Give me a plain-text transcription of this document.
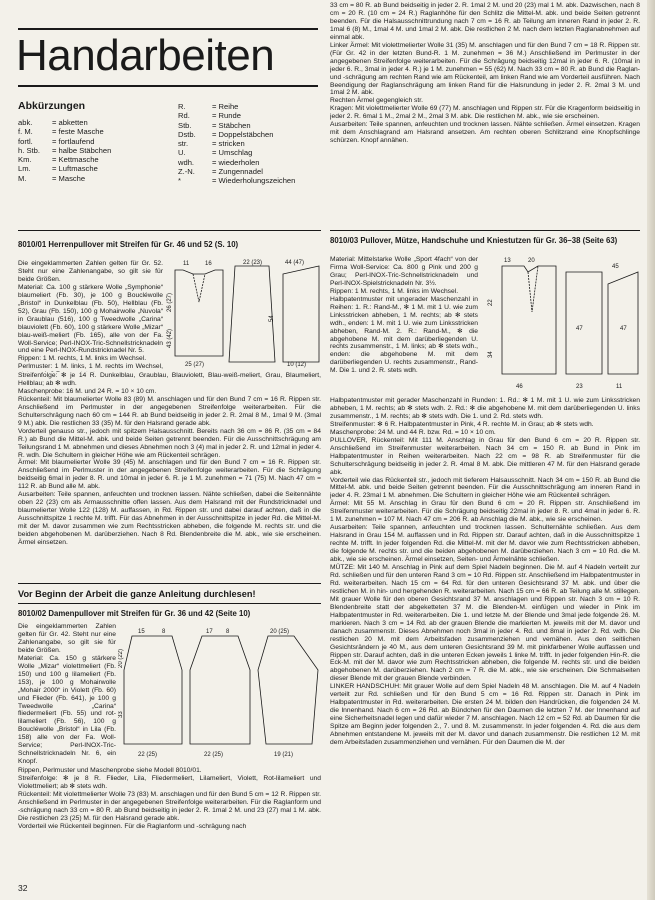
Handarbeiten
Abkürzungen
abk.	= abketten
f. M.	= feste Masche
fortl.	= fortlaufend
h. Stb.	= halbe Stäbchen
Km.	= Kettmasche
Lm.	= Luftmasche
M.	= Masche
R.	= Reihe
Rd.	= Runde
Stb.	= Stäbchen
Dstb.	= Doppelstäbchen
str.	= stricken
U.	= Umschlag
wdh.	= wiederholen
Z.-N.	= Zungennadel
*	= Wiederholungszeichen

33 cm = 80 R. ab Bund beidseitig in jeder 2. R. 1mal 2 M. und 20 (23) mal 1 M. abk. Dazwischen, nach 8 cm = 20 R. (10 cm = 24 R.) Raglanhöhe für den Schlitz die Mittel-M. abk. und beide Seiten getrennt beenden. Für die Halsausschnittrundung nach 7 cm = 16 R. ab Teilung am inneren Rand in jeder 2. R. 1mal 6 (8) M., 1mal 4 M. und 1mal 2 M. abk. Die restlichen 2 M. nach dem letzten Raglanabnehmen auf einmal abk.

Linker Ärmel: Mit violettmelierter Wolle 31 (35) M. anschlagen und für den Bund 7 cm = 18 R. Rippen str. (Für Gr. 42 in der letzten Bund-R. 1 M. zunehmen = 36 M.) Anschließend im Perlmuster in der angegebenen Streifenfolge weiterarbeiten. Für die Schrägung beidseitig 12mal in jeder 6. R. (10mal in jeder 6. R., 3mal in jeder 4. R.) je 1 M. zunehmen = 55 (62) M. Nach 33 cm = 80 R. ab Bund die Raglan- und -schrägung am rechten Rand wie am Rückenteil, am linken Rand wie am Vorderteil ausführen. Nach Beendigung der Raglanschrägung am linken Rand für die Halsrundung in jeder 2. R. 2mal 3 M. und 1mal 2 M. abk.

Rechten Ärmel gegengleich str.

Kragen: Mit violettmelierter Wolle 69 (77) M. anschlagen und Rippen str. Für die Kragenform beidseitig in jeder 2. R. 6mal 1 M., 2mal 2 M., 2mal 3 M. abk. Die restlichen M. abk., wie sie erscheinen.

Ausarbeiten: Teile spannen, anfeuchten und trocknen lassen. Nähte schließen. Ärmel einsetzen. Kragen mit dem Anschlagrand am Halsrand ansetzen. Am rechten oberen Schlitzrand eine Knopfschlinge schürzen. Knopf annähen.

8010/01 Herrenpullover mit Streifen für Gr. 46 und 52 (S. 10)

Die eingeklammerten Zahlen gelten für Gr. 52. Steht nur eine Zahlenangabe, so gilt sie für beide Größen.

Material: Ca. 100 g stärkere Wolle „Symphonie“ blaumeliert (Fb. 30), je 100 g Boucléwolle „Bristol“ in Dunkelblau (Fb. 50), Hellblau (Fb. 52), Grau (Fb. 150), 100 g Mohairwolle „Nuvola“ in Graublau (516), 100 g Tweedwolle „Carina“ blauviolett (Fb. 60), 100 g stärkere Wolle „Mizar“ blau-weiß-meliert (Fb. 165), alle von der Fa. Woll-Service; Perl-INOX-Tric-Schnellstricknadeln und eine Perl-INOX-Rundstricknadel Nr. 5.

Rippen: 1 M. rechts, 1 M. links im Wechsel.

Perlmuster: 1 M. links, 1 M. rechts im Wechsel,

Streifenfolge: ✻ je 14 R. Dunkelblau, Graublau, Blauviolett, Blau-weiß-meliert, Grau, Blaumeliert, Hellblau; ab ✻ wdh.

Maschenprobe: 16 M. und 24 R. = 10 × 10 cm.

Rückenteil: Mit blaumelierter Wolle 83 (89) M. anschlagen und für den Bund 7 cm = 16 R. Rippen str. Anschließend im Perlmuster in der angegebenen Streifenfolge weiterarbeiten. Für die Schulterschrägung nach 60 cm = 144 R. ab Bund beidseitig in jeder 2. R. 2mal 8 M., 1mal 9 M. (3mal 9 M.) abk. Die restlichen 33 (35) M. für den Halsrand gerade abk.

Vorderteil genauso str., jedoch mit spitzem Halsausschnitt. Bereits nach 36 cm = 86 R. (35 cm = 84 R.) ab Bund die Mittel-M. abk. und beide Seiten getrennt beenden. Für die Ausschnittschrägung am Teilungsrand 1 M. abnehmen und dieses Abnehmen noch 3 (4) mal in jeder 2. R. und 12mal in jeder 4. R. wdh. Die Schultern in gleicher Höhe wie am Rückenteil schrägen.

Ärmel: Mit blaumelierter Wolle 39 (45) M. anschlagen und für den Bund 7 cm = 16 R. Rippen str. Anschließend im Perlmuster in der angegebenen Streifenfolge weiterarbeiten. Für die Schrägung beidseitig 6mal in jeder 8. R. und 10mal in jeder 6. R. je 1 M. zunehmen = 71 (75) M. Nach 47 cm = 112 R. ab Bund alle M. abk.

Ausarbeiten: Teile spannen, anfeuchten und trocknen lassen. Nähte schließen, dabei die Seitennähte oben 22 (23) cm als Armausschnitte offen lassen. Aus dem Halsrand mit der Rundstricknadel und blaumelierter Wolle 122 (128) M. auffassen, in Rd. Rippen str. und dabei darauf achten, daß in die Ausschnittspitze 1 rechte M. trifft. Für das Abnehmen in der Ausschnittspitze in jeder Rd. die Mittel-M. mit der M. davor zusammen wie zum Rechtsstricken abheben, die folgende M. rechts str. und die beiden abgehobenen M. darüberziehen. Nach 8 Rd. Blendenbreite die M. abk., wie sie erscheinen. Ärmel einsetzen.

11	16
26 (27)
43 (42)
25 (27)
22 (23)
54
44 (47)
10 (12)
Vor Beginn der Arbeit die ganze Anleitung durchlesen!
8010/02 Damenpullover mit Streifen für Gr. 36 und 42 (Seite 10)

Die eingeklammerten Zahlen gelten für Gr. 42. Steht nur eine Zahlenangabe, so gilt sie für beide Größen.

Material: Ca. 150 g stärkere Wolle „Mizar“ violettmeliert (Fb. 150) und 100 g lilameliert (Fb. 153), je 100 g Mohairwolle „Mohair 2000“ in Violett (Fb. 60) und Flieder (Fb. 641), je 100 g Tweedwolle „Carina“ fliedermeliert (Fb. 55) und rot-lilameliert (Fb. 56), 100 g Boucléwolle „Bristol“ in Lila (Fb. 158) alle von der Fa. Woll-Service; Perl-INOX-Tric-Schnellstricknadeln Nr. 6, ein Knopf.

Rippen, Perlmuster und Maschenprobe siehe Modell 8010/01.

Streifenfolge: ✻ je 8 R. Flieder, Lila, Fliedermeliert, Lilameliert, Violett, Rot-lilameliert und Violettmeliert; ab ✻ stets wdh.

Rückenteil: Mit violettmelierter Wolle 73 (83) M. anschlagen und für den Bund 5 cm = 12 R. Rippen str. Anschließend im Perlmuster in der angegebenen Streifenfolge weiterarbeiten. Für die Raglanform und -schrägung nach 33 cm = 80 R. ab Bund beidseitig in jeder 2. R. 1mal 2 M. und 23 (27) mal 1 M. abk. Die restlichen 23 (25) M. für den Halsrand gerade abk.

Vorderteil wie Rückenteil beginnen. Für die Raglanform und -schrägung nach

15	8
20 (22)
33
22 (25)
17 8
22 (25)
20 (25)
19 (21)
32
8010/03 Pullover, Mütze, Handschuhe und Kniestutzen für Gr. 36–38 (Seite 63)

Material: Mittelstarke Wolle „Sport 4fach“ von der Firma Woll-Service: Ca. 800 g Pink und 200 g Grau; Perl-INOX-Tric-Schnellstricknadeln und Perl-INOX-Spielstricknadeln Nr. 3½.

Rippen: 1 M. rechts, 1 M. links im Wechsel.

Halbpatentmuster mit ungerader Maschenzahl in Reihen: 1. R.: Rand-M., ✻ 1 M. mit 1 U. wie zum Linksstricken abheben, 1 M. rechts; ab ✻ stets wdh., enden: 1 M. mit 1 U. wie zum Linksstricken abheben, Rand-M. 2. R.: Rand-M., ✻ die abgehobene M. mit dem darüberliegenden U. rechts zusammenstr., 1 M. links; ab ✻ stets wdh., enden: die abgehobene M. mit dem darüberliegenden U. rechts zusammenstr., Rand-M. Die 1. und 2. R. stets wdh.

Halbpatentmuster mit gerader Maschenzahl in Runden: 1. Rd.: ✻ 1 M. mit 1 U. wie zum Linksstricken abheben, 1 M. rechts; ab ✻ stets wdh. 2. Rd.: ✻ die abgehobene M. mit dem darüberliegenden U. links zusammenstr., 1 M. rechts; ab ✻ stets wdh. Die 1. und 2. Rd. stets wdh.

Streifenmuster: ✻ 6 R. Halbpatentmuster in Pink, 4 R. rechte M. in Grau; ab ✻ stets wdh.

Maschenprobe: 24 M. und 44 R. bzw. Rd. = 10 × 10 cm.

PULLOVER, Rückenteil: Mit 111 M. Anschlag in Grau für den Bund 6 cm = 20 R. Rippen str. Anschließend im Streifenmuster weiterarbeiten. Nach 34 cm = 150 R. ab Bund in Pink im Halbpatentmuster in Reihen weiterarbeiten. Nach 22 cm = 98 R. ab Streifenmuster für die Schulterschrägung beidseitig in jeder 2. R. 4mal 8 M. abk. Die mittleren 47 M. für den Halsrand gerade abk.

Vorderteil wie das Rückenteil str., jedoch mit tieferem Halsausschnitt. Nach 34 cm = 150 R. ab Bund die Mittel-M. abk. und beide Seiten getrennt beenden. Für die Ausschnittschrägung am inneren Rand in jeder 4. R. 23mal 1 M. abnehmen. Die Schultern in gleicher Höhe wie am Rückenteil schrägen.

Ärmel: Mit 55 M. Anschlag in Grau für den Bund 6 cm = 20 R. Rippen str. Anschließend im Streifenmuster weiterarbeiten. Für die Schrägung beidseitig 22mal in jeder 8. R. und 4mal in jeder 6. R. 1 M. zunehmen = 107 M. Nach 47 cm = 206 R. ab Anschlag die M. abk., wie sie erscheinen.

Ausarbeiten: Teile spannen, anfeuchten und trocknen lassen. Schulternähte schließen. Aus dem Halsrand in Grau 154 M. auffassen und in Rd. Rippen str. Darauf achten, daß in die Ausschnittspitze 1 rechte M. trifft. In jeder folgenden Rd. die Mittel-M. mit der M. davor wie zum Rechtsstricken abheben, die folgende M. rechts str. und die beiden abgehobenen M. darüberziehen. Nach 3 cm = 10 Rd. die M. abk., wie sie erscheinen. Ärmel einsetzen, Seiten- und Ärmelnähte schließen.

MÜTZE: Mit 140 M. Anschlag in Pink auf dem Spiel Nadeln beginnen. Die M. auf 4 Nadeln verteilt zur Rd. schließen und für den unteren Rand 3 cm = 10 Rd. Rippen str. Anschließend im Halbpatentmuster in Rd. weiterarbeiten. Nach 15 cm = 64 Rd. für den unteren Gesichtsrand 37 M. abk. und über die restlichen M. in hin- und hergehenden R. weiterarbeiten. Nach 15 cm = 66 R. ab Teilung alle M. stillegen. Mit grauer Wolle für den oberen Gesichtsrand 37 M. anschlagen und Rippen str. Nach 3 cm = 10 R. Blendenbreite statt der abgeketteten 37 M. die Blenden-M. einfügen und wieder in Pink im Halbpatentmuster in Rd. weiterarbeiten. Die 1. und letzte M. der Blende und 3mal jede folgende 26. M. markieren. Nach 3 cm = 14 Rd. ab der grauen Blende die markierten M. jeweils mit der M. davor und danach zusammenstr. Dieses Abnehmen noch 3mal in jeder 4. Rd. und 8mal in jeder 2. Rd. wdh. Die restlichen 20 M. mit dem Arbeitsfaden zusammenziehen und vernähen. Aus den seitlichen Gesichtsrändern je 40 M., aus dem unteren Gesichtsrand 39 M. mit pinkfarbener Wolle auffassen und Rippen str. Darauf achten, daß in die unteren Ecken jeweils 1 linke M. trifft. In jeder folgenden Hin-R. die Eck-M. mit der M. davor wie zum Rechtsstricken abheben, die folgende M. rechts str. und die beiden abgehobenen M. darüberziehen. Nach 2 cm = 7 R. die M. abk., wie sie erscheinen. Die Schmalseiten dieser Blende mit der grauen Blende verbinden.

LINKER HANDSCHUH: Mit grauer Wolle auf dem Spiel Nadeln 48 M. anschlagen. Die M. auf 4 Nadeln verteilt zur Rd. schließen und für den Bund 5 cm = 16 Rd. Rippen str. Danach in Pink im Halbpatentmuster in Rd. weiterarbeiten. Die ersten 24 M. bilden den Handrücken, die folgenden 24 M. die Innenhand. Nach 6 cm = 26 Rd. ab Bündchen für den Daumen die letzten 7 M. der Innenhand auf eine Sicherheitsnadel legen und dafür wieder 7 M. anschlagen. Nach 12 cm = 52 Rd. ab Daumen für die Spitze am Beginn jeder folgenden 2., 7. und 8. M. zusammenstr. In jeder folgenden 4. Rd. die aus dem Abnehmen entstandene M. jeweils mit der M. davor und danach zusammenstr. Die restlichen 12 M. mit dem Arbeitsfaden zusammenziehen und vernähen. Für den Daumen die M. der

13	20
22
34
46
47
23
45
47
11
